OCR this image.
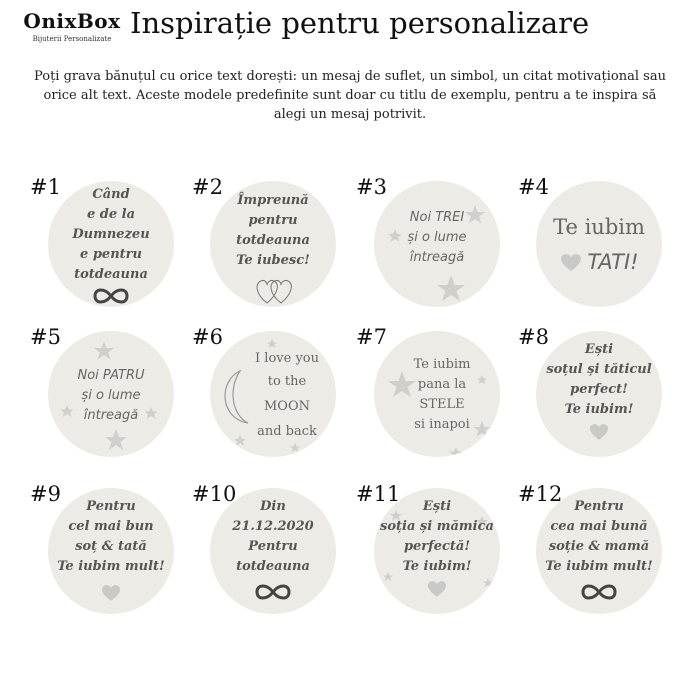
OnixBox
Bijuterii Personalizate Inspirație pentru personalizare
Poți grava bănuțul cu orice text dorești: un mesaj de suflet, un simbol, un citat motivațional sau orice alt text. Aceste modele predefinite sunt doar cu titlu de exemplu, pentru a te inspira să alegi un mesaj potrivit.
#1 Când
e de la
Dumnezeu
e pentru
totdeauna
#2
Împreună
pentru
totdeauna
Te iubesc!
#3
Noi TREI
și o lume
întreagă
#4
Te iubim
TATI!
#5
Noi PATRU
și o lume
întreagă
#6
I love you
to the
MOON
and back
#7
Te iubim
pana la
STELE
si inapoi
#8	Ești
soțul și tăticul
perfect!
Te iubim!
#9 Pentru
cel mai bun
soț & tată
Te iubim mult!
#10
Din
21.12.2020
Pentru
totdeauna
#11 Ești
soția și mămica
perfectă!
Te iubim!
#12
Pentru
cea mai bună
soție & mamă
Te iubim mult!
